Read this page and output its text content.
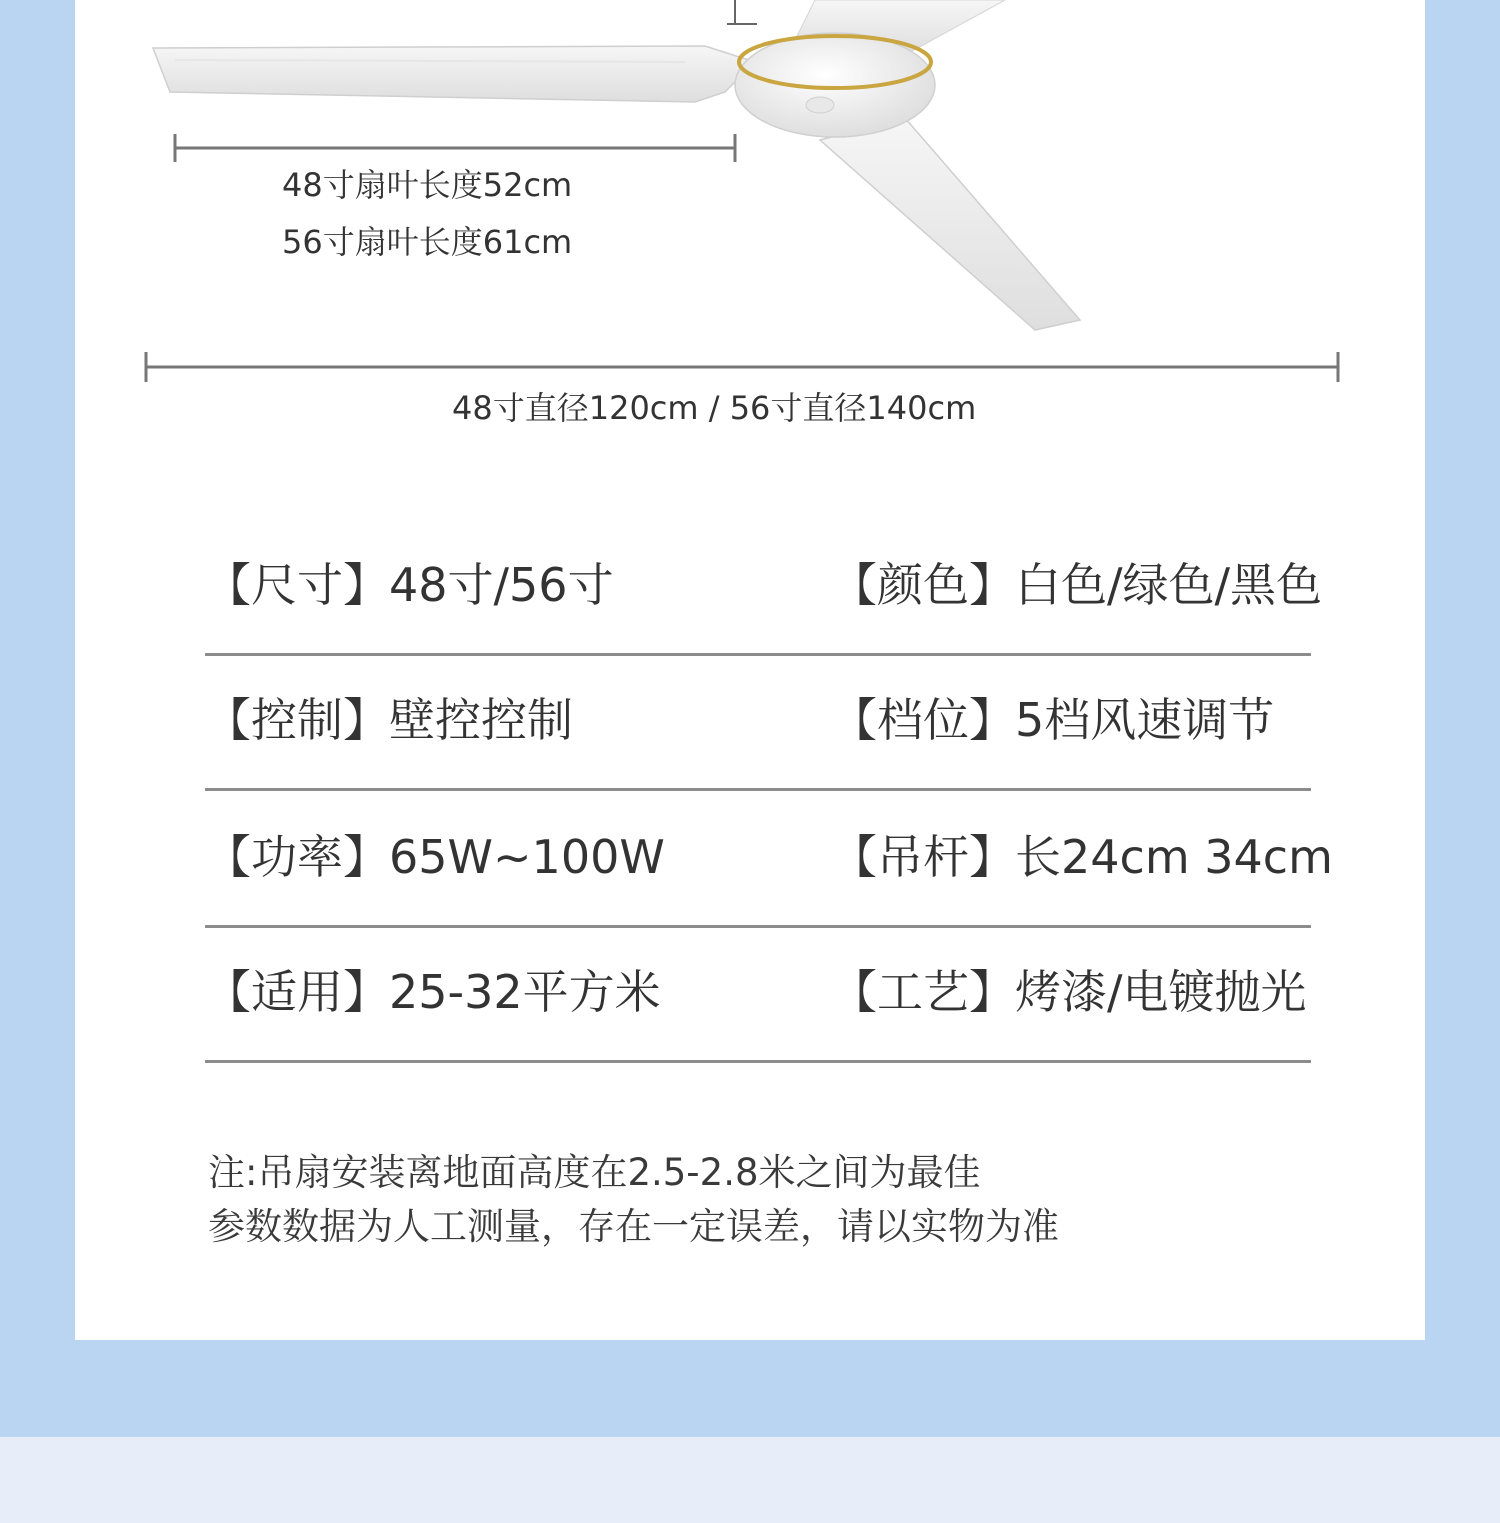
48寸扇叶长度52cm
56寸扇叶长度61cm
48寸直径120cm / 56寸直径140cm
【尺寸】48寸/56寸	【颜色】白色/绿色/黑色
【控制】壁控控制	【档位】5档风速调节
【功率】65W~100W	【吊杆】长24cm 34cm
【适用】25-32平方米	【工艺】烤漆/电镀抛光
注:吊扇安装离地面高度在2.5-2.8米之间为最佳
参数数据为人工测量，存在一定误差，请以实物为准
